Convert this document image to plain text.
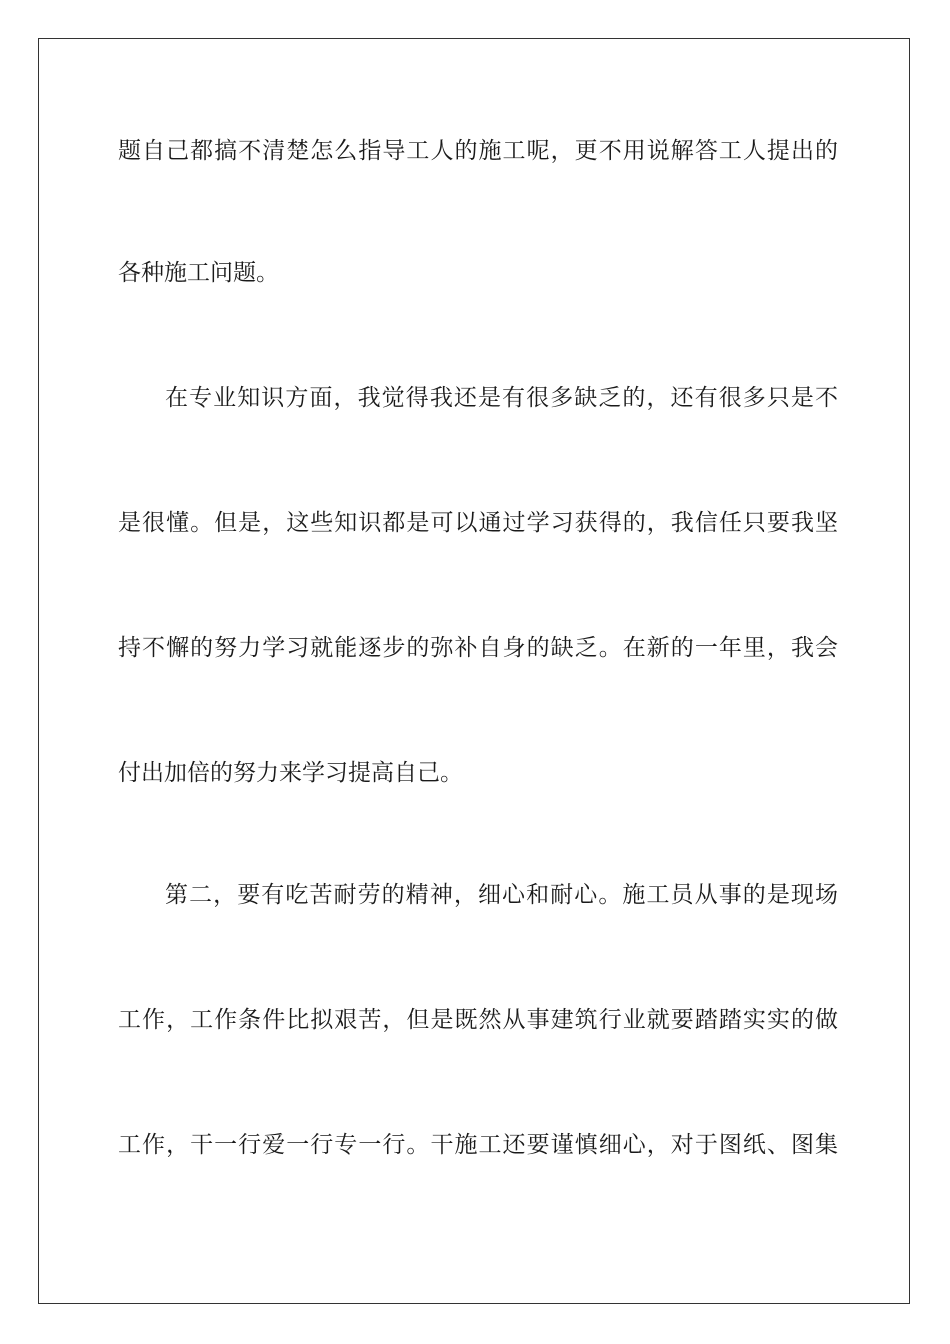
题自己都搞不清楚怎么指导工人的施工呢，更不用说解答工人提出的
各种施工问题。
在专业知识方面，我觉得我还是有很多缺乏的，还有很多只是不
是很懂。但是，这些知识都是可以通过学习获得的，我信任只要我坚
持不懈的努力学习就能逐步的弥补自身的缺乏。在新的一年里，我会
付出加倍的努力来学习提高自己。
第二，要有吃苦耐劳的精神，细心和耐心。施工员从事的是现场
工作，工作条件比拟艰苦，但是既然从事建筑行业就要踏踏实实的做
工作，干一行爱一行专一行。干施工还要谨慎细心，对于图纸、图集
